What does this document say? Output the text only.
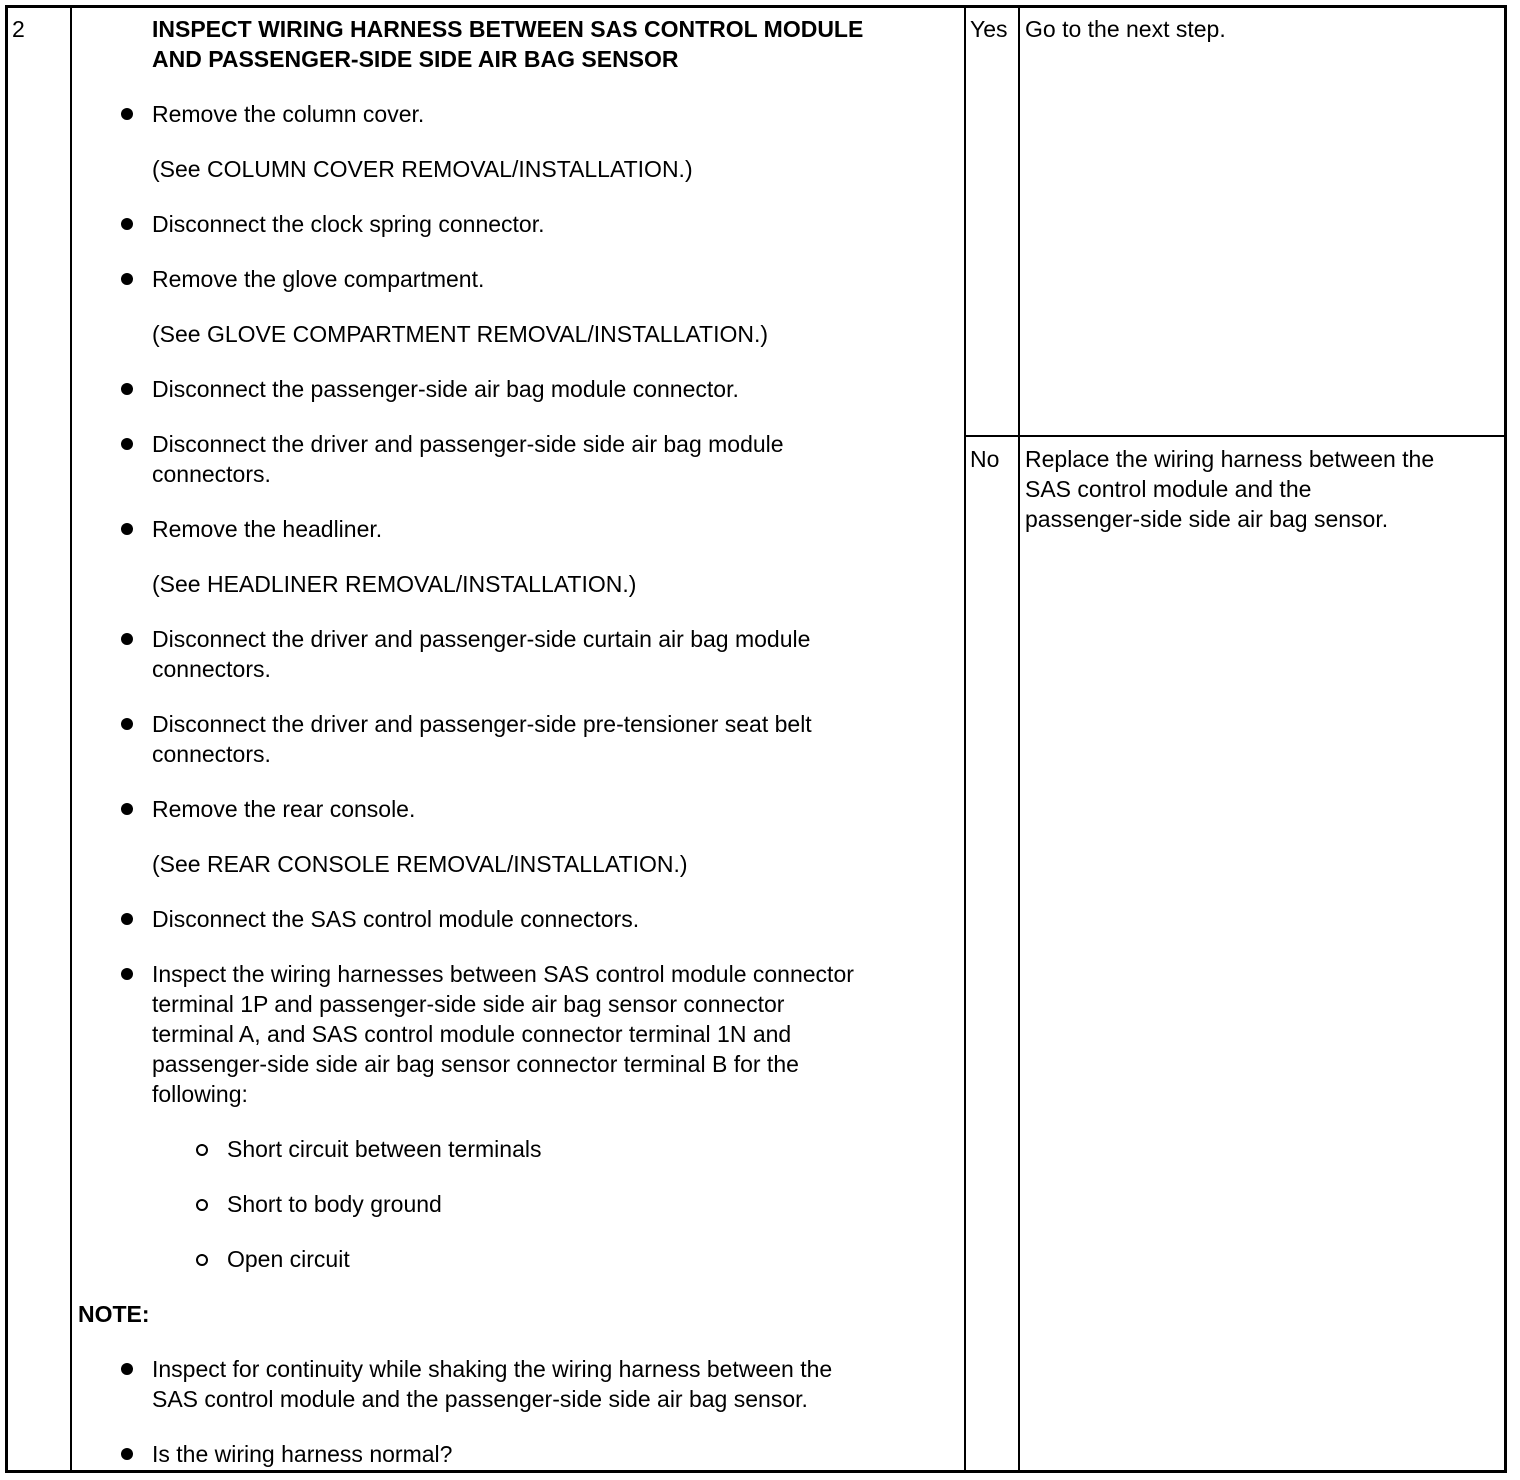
2	INSPECT WIRING HARNESS BETWEEN SAS CONTROL MODULE
AND PASSENGER-SIDE SIDE AIR BAG SENSOR
Remove the column cover.
(See COLUMN COVER REMOVAL/INSTALLATION.)
Disconnect the clock spring connector.
Remove the glove compartment.
(See GLOVE COMPARTMENT REMOVAL/INSTALLATION.)
Disconnect the passenger-side air bag module connector.
Disconnect the driver and passenger-side side air bag module
connectors.
Remove the headliner.
(See HEADLINER REMOVAL/INSTALLATION.)
Disconnect the driver and passenger-side curtain air bag module
connectors.
Disconnect the driver and passenger-side pre-tensioner seat belt
connectors.
Remove the rear console.
(See REAR CONSOLE REMOVAL/INSTALLATION.)
Disconnect the SAS control module connectors.
Inspect the wiring harnesses between SAS control module connector
terminal 1P and passenger-side side air bag sensor connector
terminal A, and SAS control module connector terminal 1N and
passenger-side side air bag sensor connector terminal B for the
following:
Short circuit between terminals
Short to body ground
Open circuit
NOTE:
Inspect for continuity while shaking the wiring harness between the
SAS control module and the passenger-side side air bag sensor.
Is the wiring harness normal?
Yes Go to the next step.
No Replace the wiring harness between the
SAS control module and the
passenger-side side air bag sensor.
